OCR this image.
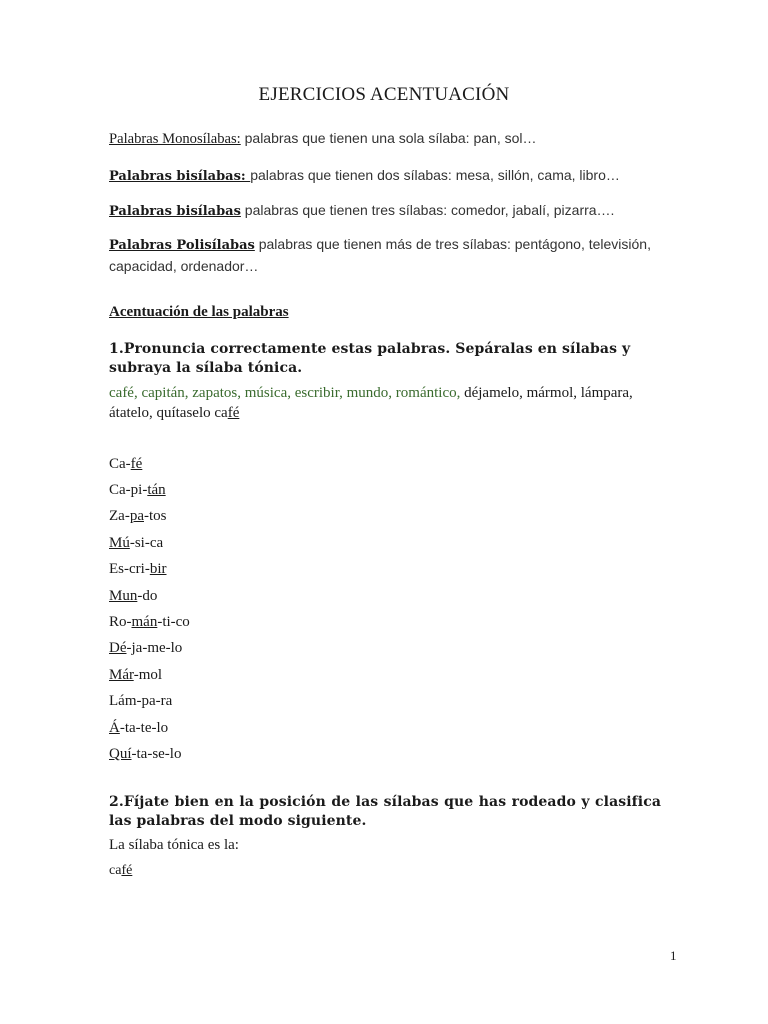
EJERCICIOS ACENTUACIÓN
Palabras Monosílabas: palabras que tienen una sola sílaba: pan, sol…
Palabras bisílabas: palabras que tienen dos sílabas: mesa, sillón, cama, libro…
Palabras bisílabas palabras que tienen tres sílabas: comedor, jabalí, pizarra….
Palabras Polisílabas palabras que tienen más de tres sílabas: pentágono, televisión, capacidad, ordenador…
Acentuación de las palabras
1.Pronuncia correctamente estas palabras. Sepáralas en sílabas y subraya la sílaba tónica.
café, capitán, zapatos, música, escribir, mundo, romántico, déjamelo, mármol, lámpara, átatelo, quítaselo café
Ca-fé
Ca-pi-tán
Za-pa-tos
Mú-si-ca
Es-cri-bir
Mun-do
Ro-mán-ti-co
Dé-ja-me-lo
Már-mol
Lám-pa-ra
Á-ta-te-lo
Quí-ta-se-lo
2.Fíjate bien en la posición de las sílabas que has rodeado y clasifica las palabras del modo siguiente.
La sílaba tónica es la:
café
1
